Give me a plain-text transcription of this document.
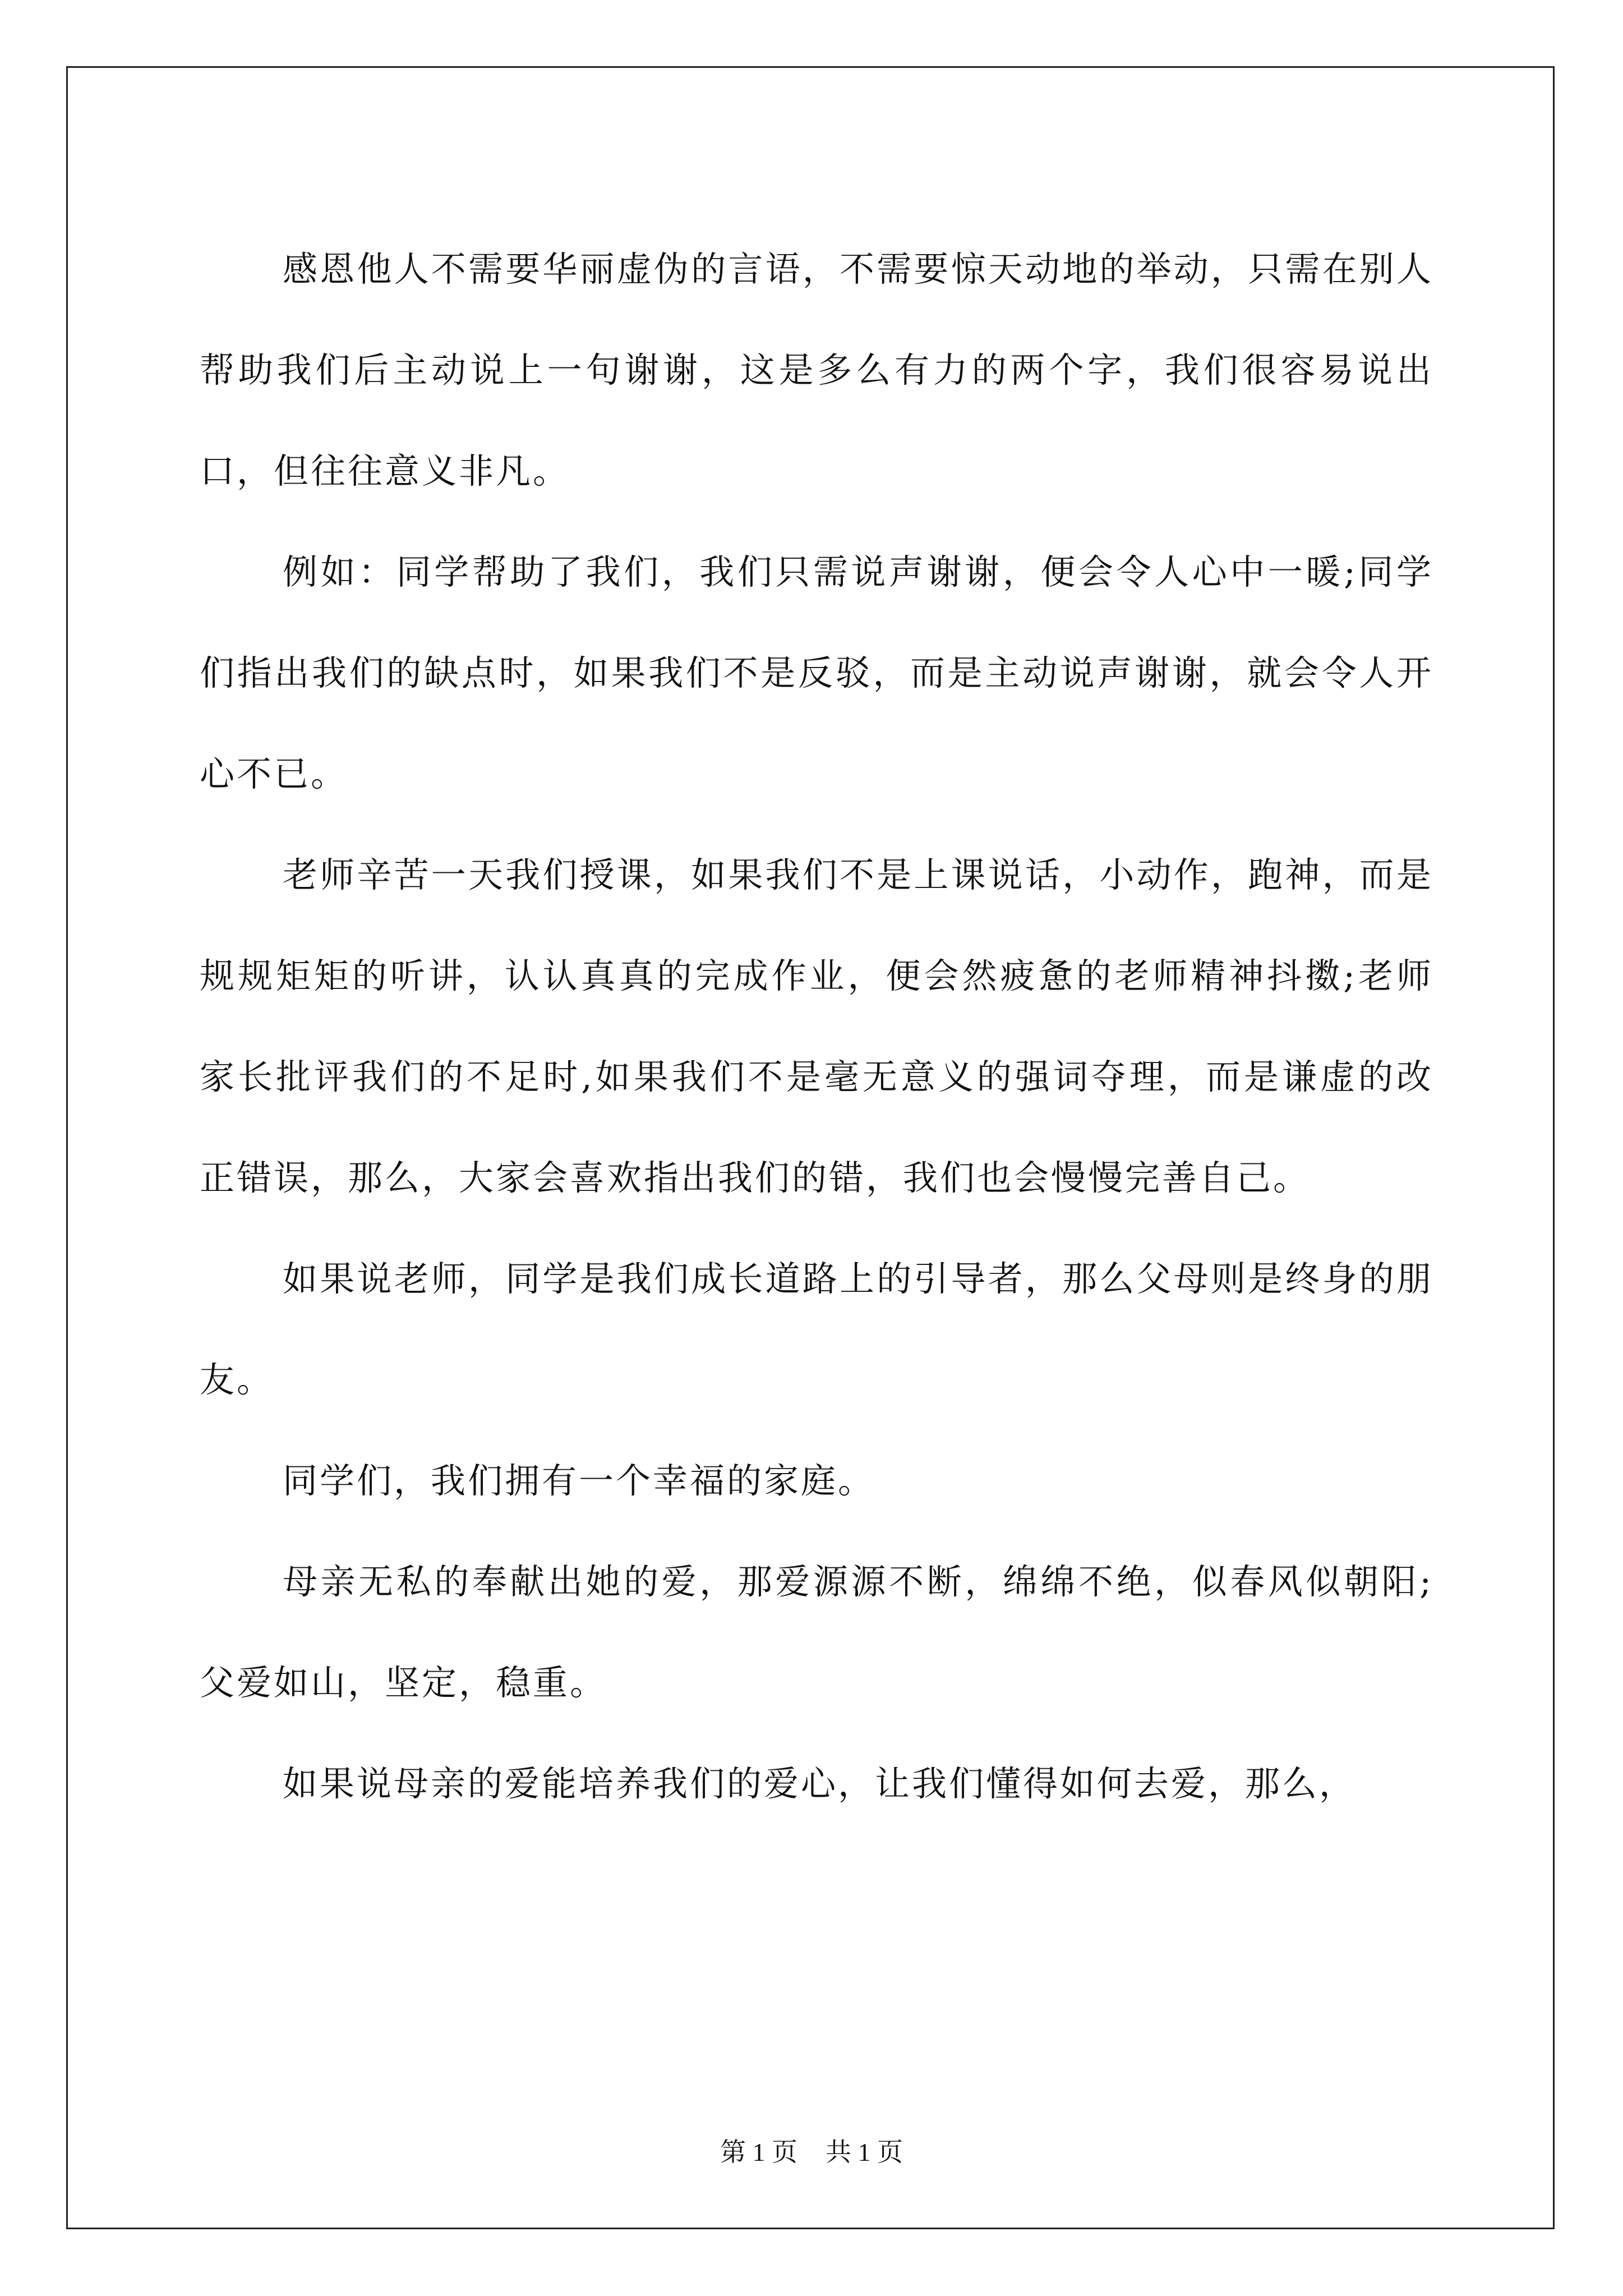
感恩他人不需要华丽虚伪的言语，不需要惊天动地的举动，只需在别人帮助我们后主动说上一句谢谢，这是多么有力的两个字，我们很容易说出口，但往往意义非凡。

例如：同学帮助了我们，我们只需说声谢谢，便会令人心中一暖;同学们指出我们的缺点时，如果我们不是反驳，而是主动说声谢谢，就会令人开心不已。

老师辛苦一天我们授课，如果我们不是上课说话，小动作，跑神，而是规规矩矩的听讲，认认真真的完成作业，便会然疲惫的老师精神抖擞;老师家长批评我们的不足时,如果我们不是毫无意义的强词夺理，而是谦虚的改正错误，那么，大家会喜欢指出我们的错，我们也会慢慢完善自己。

如果说老师，同学是我们成长道路上的引导者，那么父母则是终身的朋友。

同学们，我们拥有一个幸福的家庭。

母亲无私的奉献出她的爱，那爱源源不断，绵绵不绝，似春风似朝阳;父爱如山，坚定，稳重。

如果说母亲的爱能培养我们的爱心，让我们懂得如何去爱，那么，

第 1 页 共 1 页
